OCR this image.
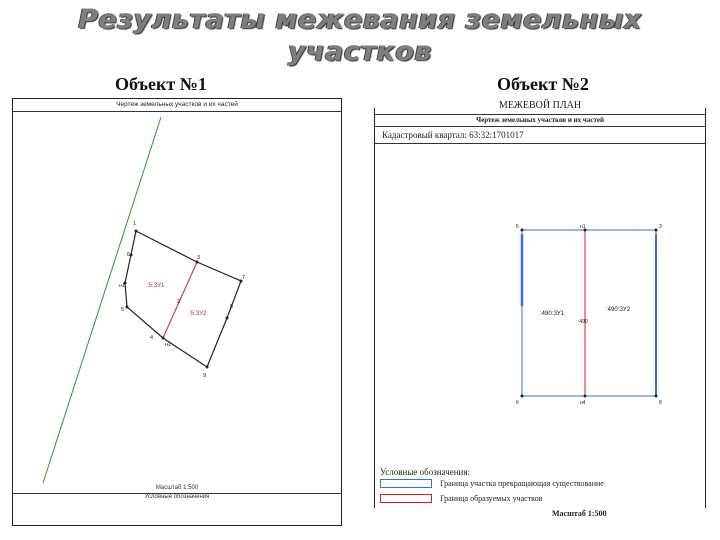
Результаты межевания земельных
участков
Объект №1	Объект №2
Чертеж земельных участков и их частей
:5:ЗУ1
:5:ЗУ2
1
2
3
4
5
6
7
8
9
н1
н2
Масштаб 1:500
Условные обозначения
МЕЖЕВОЙ ПЛАН
Чертеж земельных участков и их частей
Кадастровый квартал: 63:32:1701017
5	н1	3
6	н4	8
:490:ЗУ1
:490:ЗУ2
:490
Условные обозначения:
Граница участка прекращающая существование
Граница образуемых участков
Масштаб 1:500
